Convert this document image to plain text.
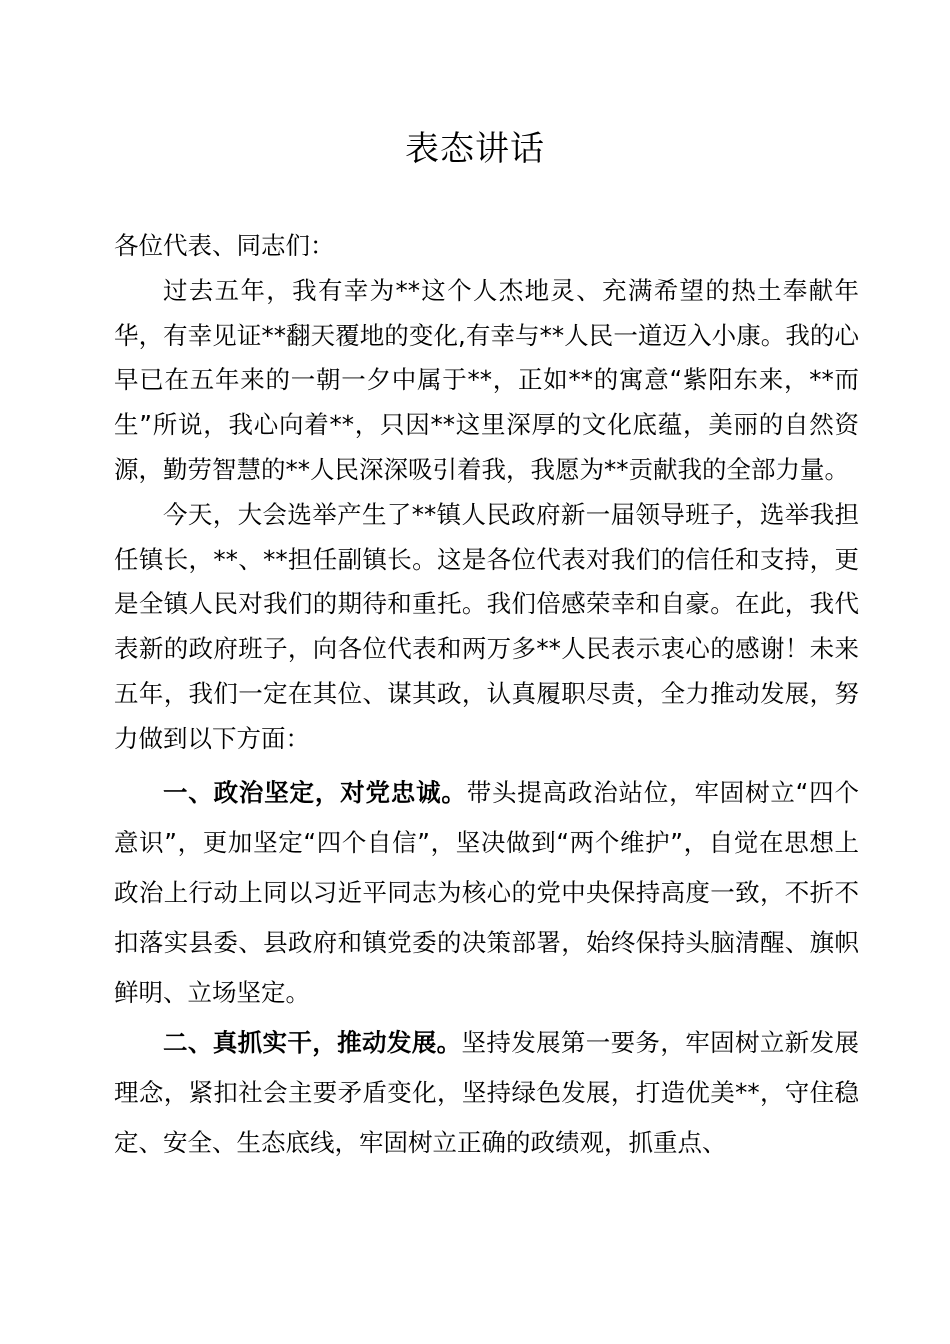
表态讲话

各位代表、同志们：

过去五年，我有幸为**这个人杰地灵、充满希望的热土奉献年华，有幸见证**翻天覆地的变化,有幸与**人民一道迈入小康。我的心早已在五年来的一朝一夕中属于**，正如**的寓意“紫阳东来，**而生”所说，我心向着**，只因**这里深厚的文化底蕴，美丽的自然资源，勤劳智慧的**人民深深吸引着我，我愿为**贡献我的全部力量。

今天，大会选举产生了**镇人民政府新一届领导班子，选举我担任镇长，**、**担任副镇长。这是各位代表对我们的信任和支持，更是全镇人民对我们的期待和重托。我们倍感荣幸和自豪。在此，我代表新的政府班子，向各位代表和两万多**人民表示衷心的感谢！未来五年，我们一定在其位、谋其政，认真履职尽责，全力推动发展，努力做到以下方面：

一、政治坚定，对党忠诚。带头提高政治站位，牢固树立“四个意识”，更加坚定“四个自信”，坚决做到“两个维护”，自觉在思想上政治上行动上同以习近平同志为核心的党中央保持高度一致，不折不扣落实县委、县政府和镇党委的决策部署，始终保持头脑清醒、旗帜鲜明、立场坚定。

二、真抓实干，推动发展。坚持发展第一要务，牢固树立新发展理念，紧扣社会主要矛盾变化，坚持绿色发展，打造优美**，守住稳定、安全、生态底线，牢固树立正确的政绩观，抓重点、
